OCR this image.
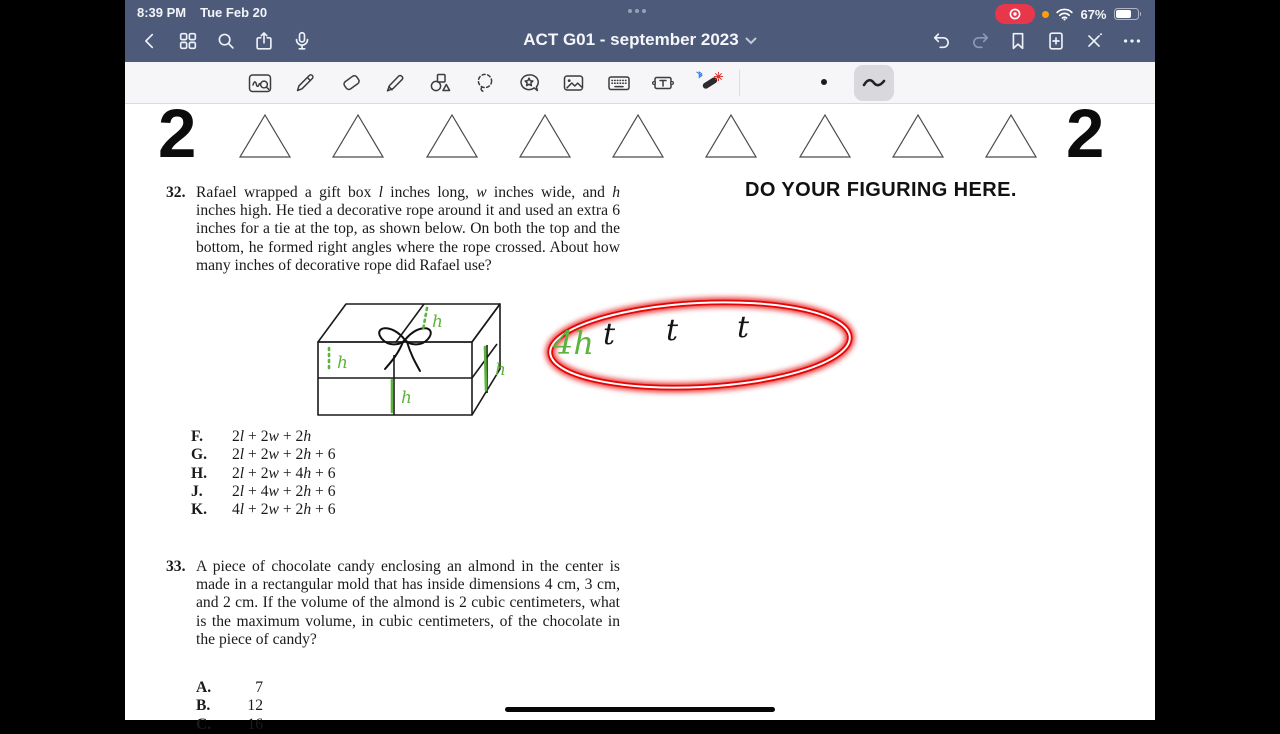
8:39 PM Tue Feb 20	67%
ACT G01 - september 2023
2	2
DO YOUR FIGURING HERE.
32. Rafael wrapped a gift box l inches long, w inches wide, and h inches high. He tied a decorative rope around it and used an extra 6 inches for a tie at the top, as shown below. On both the top and the bottom, he formed right angles where the rope crossed. About how many inches of decorative rope did Rafael use?
h
h	h
h
4h t t t
F.	2l + 2w + 2h
G.	2l + 2w + 2h + 6
H.	2l + 2w + 4h + 6
J.	2l + 4w + 2h + 6
K.	4l + 2w + 2h + 6
33. A piece of chocolate candy enclosing an almond in the center is made in a rectangular mold that has inside dimensions 4 cm, 3 cm, and 2 cm. If the volume of the almond is 2 cubic centimeters, what is the maximum volume, in cubic centimeters, of the chocolate in the piece of candy?
A.	7
B.	12
C.	16
